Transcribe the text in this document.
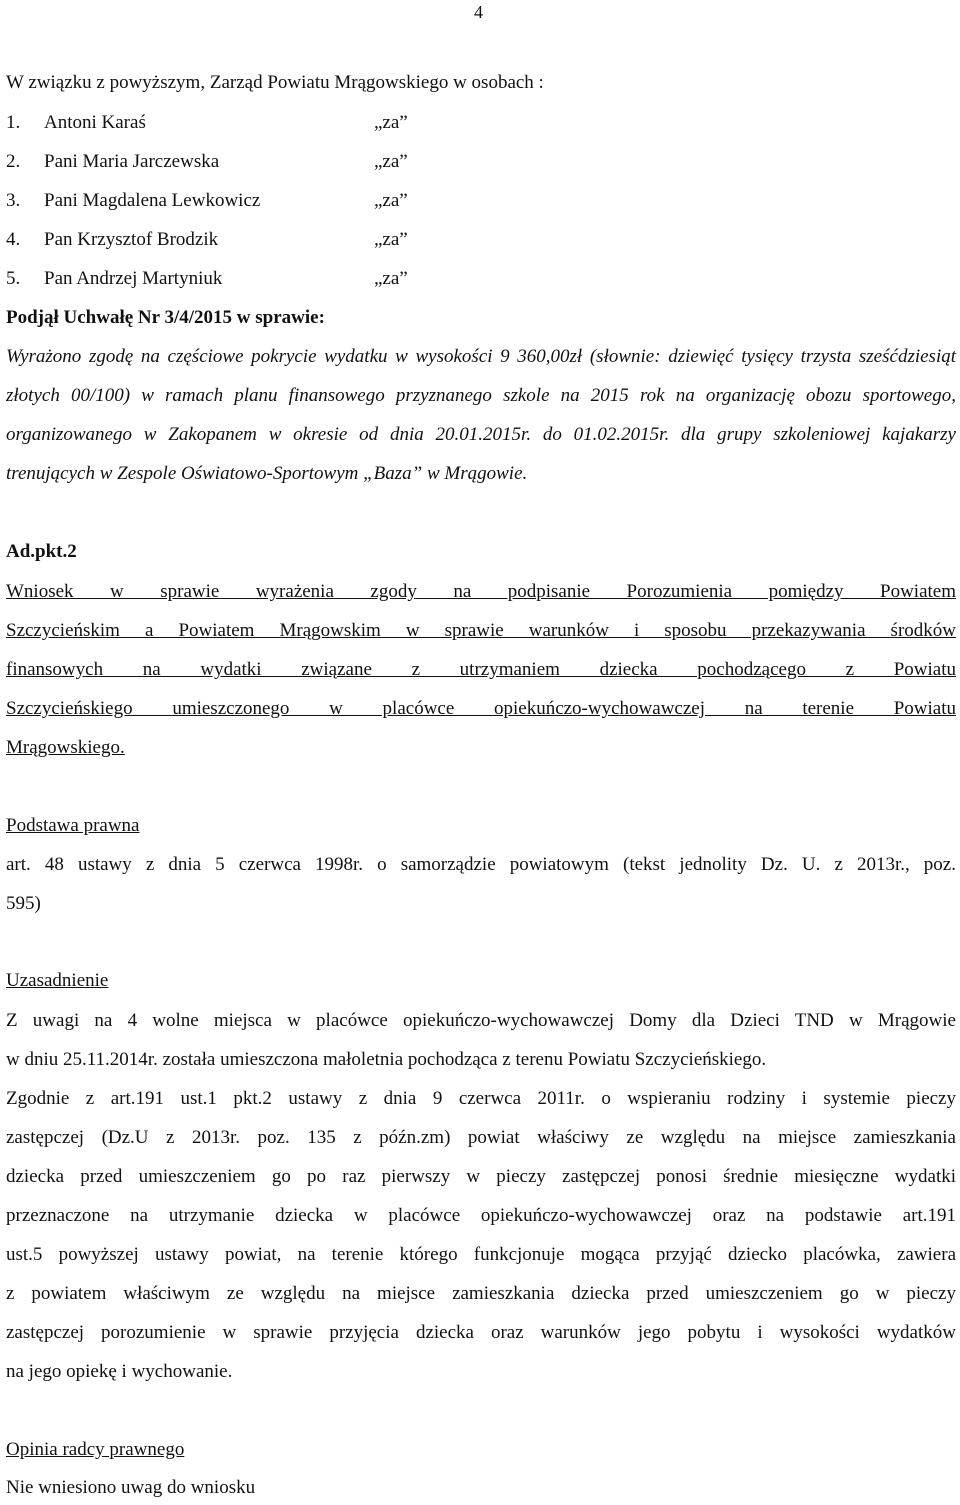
4
W związku z powyższym, Zarząd Powiatu Mrągowskiego w osobach :
1. Antoni Karaś	„za”
2. Pani Maria Jarczewska	„za”
3. Pani Magdalena Lewkowicz	„za”
4. Pan Krzysztof Brodzik	„za”
5. Pan Andrzej Martyniuk	„za”
Podjął Uchwałę Nr 3/4/2015 w sprawie:
Wyrażono zgodę na częściowe pokrycie wydatku w wysokości 9 360,00zł (słownie: dziewięć tysięcy trzysta sześćdziesiąt
złotych 00/100) w ramach planu finansowego przyznanego szkole na 2015 rok na organizację obozu sportowego,
organizowanego w Zakopanem w okresie od dnia 20.01.2015r. do 01.02.2015r. dla grupy szkoleniowej kajakarzy
trenujących w Zespole Oświatowo-Sportowym „Baza” w Mrągowie.
Ad.pkt.2
Wniosek w sprawie wyrażenia zgody na podpisanie Porozumienia pomiędzy Powiatem
Szczycieńskim a Powiatem Mrągowskim w sprawie warunków i sposobu przekazywania środków
finansowych na wydatki związane z utrzymaniem dziecka pochodzącego z Powiatu
Szczycieńskiego umieszczonego w placówce opiekuńczo-wychowawczej na terenie Powiatu
Mrągowskiego.
Podstawa prawna
art. 48 ustawy z dnia 5 czerwca 1998r. o samorządzie powiatowym (tekst jednolity Dz. U. z 2013r., poz.
595)
Uzasadnienie
Z uwagi na 4 wolne miejsca w placówce opiekuńczo-wychowawczej Domy dla Dzieci TND w Mrągowie
w dniu 25.11.2014r. została umieszczona małoletnia pochodząca z terenu Powiatu Szczycieńskiego.
Zgodnie z art.191 ust.1 pkt.2 ustawy z dnia 9 czerwca 2011r. o wspieraniu rodziny i systemie pieczy
zastępczej (Dz.U z 2013r. poz. 135 z późn.zm) powiat właściwy ze względu na miejsce zamieszkania
dziecka przed umieszczeniem go po raz pierwszy w pieczy zastępczej ponosi średnie miesięczne wydatki
przeznaczone na utrzymanie dziecka w placówce opiekuńczo-wychowawczej oraz na podstawie art.191
ust.5 powyższej ustawy powiat, na terenie którego funkcjonuje mogąca przyjąć dziecko placówka, zawiera
z powiatem właściwym ze względu na miejsce zamieszkania dziecka przed umieszczeniem go w pieczy
zastępczej porozumienie w sprawie przyjęcia dziecka oraz warunków jego pobytu i wysokości wydatków
na jego opiekę i wychowanie.
Opinia radcy prawnego
Nie wniesiono uwag do wniosku
